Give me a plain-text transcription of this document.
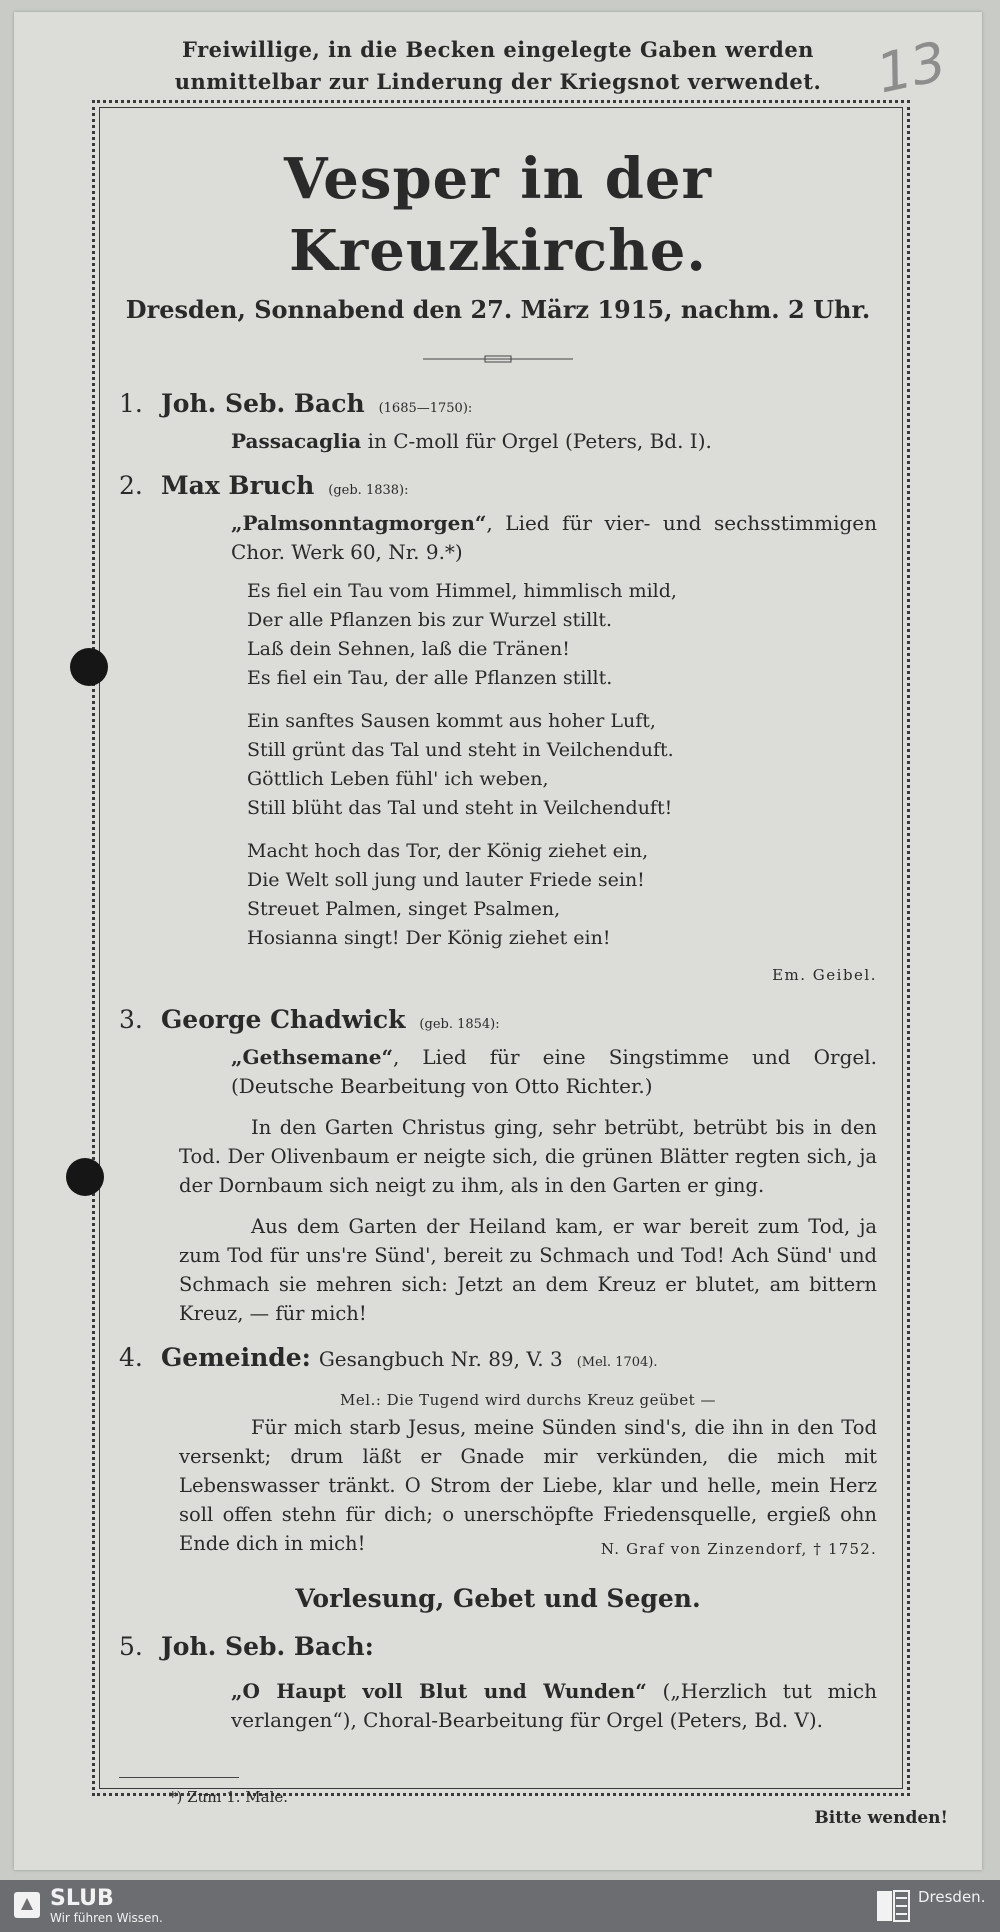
Freiwillige, in die Becken eingelegte Gaben werden
unmittelbar zur Linderung der Kriegsnot verwendet. 13
Vesper in der Kreuzkirche.
Dresden, Sonnabend den 27. März 1915, nachm. 2 Uhr.
1. Joh. Seb. Bach (1685—1750):
Passacaglia in C-moll für Orgel (Peters, Bd. I).
2. Max Bruch (geb. 1838):
„Palmsonntagmorgen“, Lied für vier- und sechsstimmigen Chor. Werk 60, Nr. 9.*)
Es fiel ein Tau vom Himmel, himmlisch mild,
Der alle Pflanzen bis zur Wurzel stillt.
Laß dein Sehnen, laß die Tränen!
Es fiel ein Tau, der alle Pflanzen stillt.
Ein sanftes Sausen kommt aus hoher Luft,
Still grünt das Tal und steht in Veilchenduft.
Göttlich Leben fühl' ich weben,
Still blüht das Tal und steht in Veilchenduft!
Macht hoch das Tor, der König ziehet ein,
Die Welt soll jung und lauter Friede sein!
Streuet Palmen, singet Psalmen,
Hosianna singt! Der König ziehet ein!
Em. Geibel.
3. George Chadwick (geb. 1854):
„Gethsemane“, Lied für eine Singstimme und Orgel. (Deutsche Bearbeitung von Otto Richter.)
In den Garten Christus ging, sehr betrübt, betrübt bis in den Tod. Der Olivenbaum er neigte sich, die grünen Blätter regten sich, ja der Dornbaum sich neigt zu ihm, als in den Garten er ging.
Aus dem Garten der Heiland kam, er war bereit zum Tod, ja zum Tod für uns're Sünd', bereit zu Schmach und Tod! Ach Sünd' und Schmach sie mehren sich: Jetzt an dem Kreuz er blutet, am bittern Kreuz, — für mich!
4. Gemeinde: Gesangbuch Nr. 89, V. 3 (Mel. 1704).
Mel.: Die Tugend wird durchs Kreuz geübet —
Für mich starb Jesus, meine Sünden sind's, die ihn in den Tod versenkt; drum läßt er Gnade mir verkünden, die mich mit Lebenswasser tränkt. O Strom der Liebe, klar und helle, mein Herz soll offen stehn für dich; o unerschöpfte Friedensquelle, ergieß ohn Ende dich in mich!	N. Graf von Zinzendorf, † 1752.
Vorlesung, Gebet und Segen.
5. Joh. Seb. Bach:
„O Haupt voll Blut und Wunden“ („Herzlich tut mich verlangen“), Choral-Bearbeitung für Orgel (Peters, Bd. V).
*) Zum 1. Male.
Bitte wenden!
SLUB
Wir führen Wissen.
Dresden.
